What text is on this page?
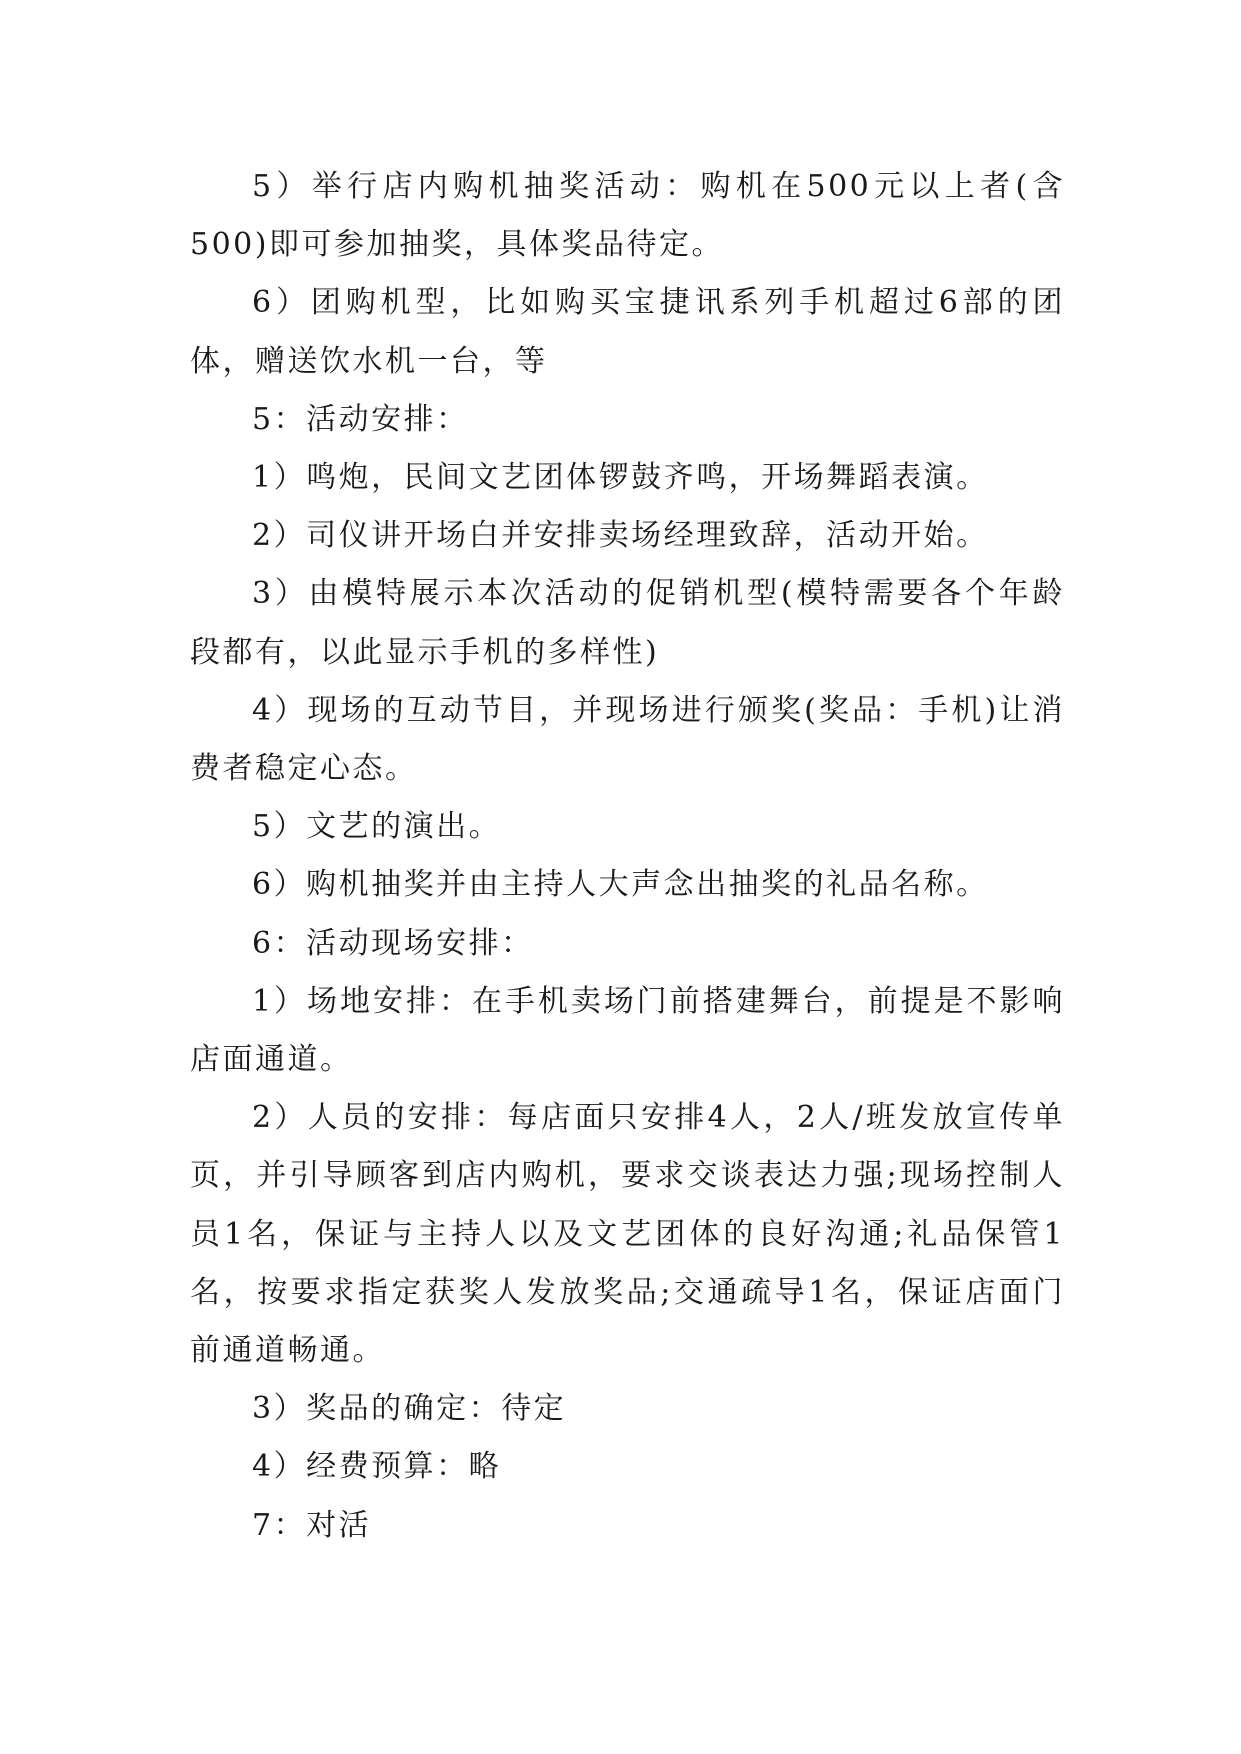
5）举行店内购机抽奖活动：购机在500元以上者(含500)即可参加抽奖，具体奖品待定。

6）团购机型，比如购买宝捷讯系列手机超过6部的团体，赠送饮水机一台，等

5：活动安排：

1）鸣炮，民间文艺团体锣鼓齐鸣，开场舞蹈表演。

2）司仪讲开场白并安排卖场经理致辞，活动开始。

3）由模特展示本次活动的促销机型(模特需要各个年龄段都有，以此显示手机的多样性)

4）现场的互动节目，并现场进行颁奖(奖品：手机)让消费者稳定心态。

5）文艺的演出。

6）购机抽奖并由主持人大声念出抽奖的礼品名称。

6：活动现场安排：

1）场地安排：在手机卖场门前搭建舞台，前提是不影响店面通道。

2）人员的安排：每店面只安排4人，2人/班发放宣传单页，并引导顾客到店内购机，要求交谈表达力强;现场控制人员1名，保证与主持人以及文艺团体的良好沟通;礼品保管1名，按要求指定获奖人发放奖品;交通疏导1名，保证店面门前通道畅通。

3）奖品的确定：待定

4）经费预算：略

7：对活
